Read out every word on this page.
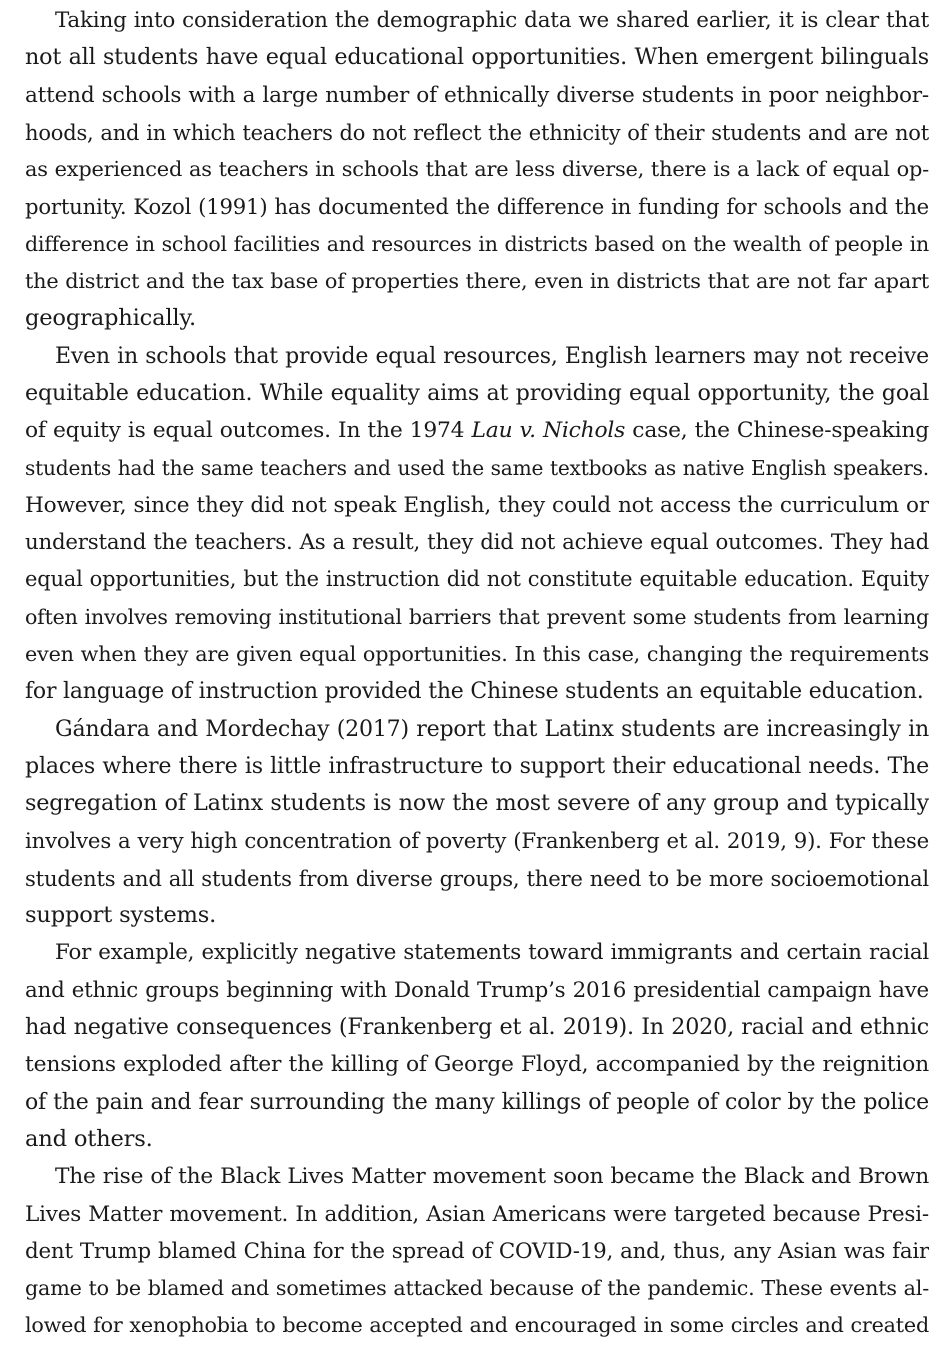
Taking into consideration the demographic data we shared earlier, it is clear that
not all students have equal educational opportunities. When emergent bilinguals
attend schools with a large number of ethnically diverse students in poor neighbor-
hoods, and in which teachers do not reflect the ethnicity of their students and are not
as experienced as teachers in schools that are less diverse, there is a lack of equal op-
portunity. Kozol (1991) has documented the difference in funding for schools and the
difference in school facilities and resources in districts based on the wealth of people in
the district and the tax base of properties there, even in districts that are not far apart
geographically.
Even in schools that provide equal resources, English learners may not receive
equitable education. While equality aims at providing equal opportunity, the goal
of equity is equal outcomes. In the 1974 Lau v. Nichols case, the Chinese-speaking
students had the same teachers and used the same textbooks as native English speakers.
However, since they did not speak English, they could not access the curriculum or
understand the teachers. As a result, they did not achieve equal outcomes. They had
equal opportunities, but the instruction did not constitute equitable education. Equity
often involves removing institutional barriers that prevent some students from learning
even when they are given equal opportunities. In this case, changing the requirements
for language of instruction provided the Chinese students an equitable education.
Gándara and Mordechay (2017) report that Latinx students are increasingly in
places where there is little infrastructure to support their educational needs. The
segregation of Latinx students is now the most severe of any group and typically
involves a very high concentration of poverty (Frankenberg et al. 2019, 9). For these
students and all students from diverse groups, there need to be more socioemotional
support systems.
For example, explicitly negative statements toward immigrants and certain racial
and ethnic groups beginning with Donald Trump’s 2016 presidential campaign have
had negative consequences (Frankenberg et al. 2019). In 2020, racial and ethnic
tensions exploded after the killing of George Floyd, accompanied by the reignition
of the pain and fear surrounding the many killings of people of color by the police
and others.
The rise of the Black Lives Matter movement soon became the Black and Brown
Lives Matter movement. In addition, Asian Americans were targeted because Presi-
dent Trump blamed China for the spread of COVID-19, and, thus, any Asian was fair
game to be blamed and sometimes attacked because of the pandemic. These events al-
lowed for xenophobia to become accepted and encouraged in some circles and created
